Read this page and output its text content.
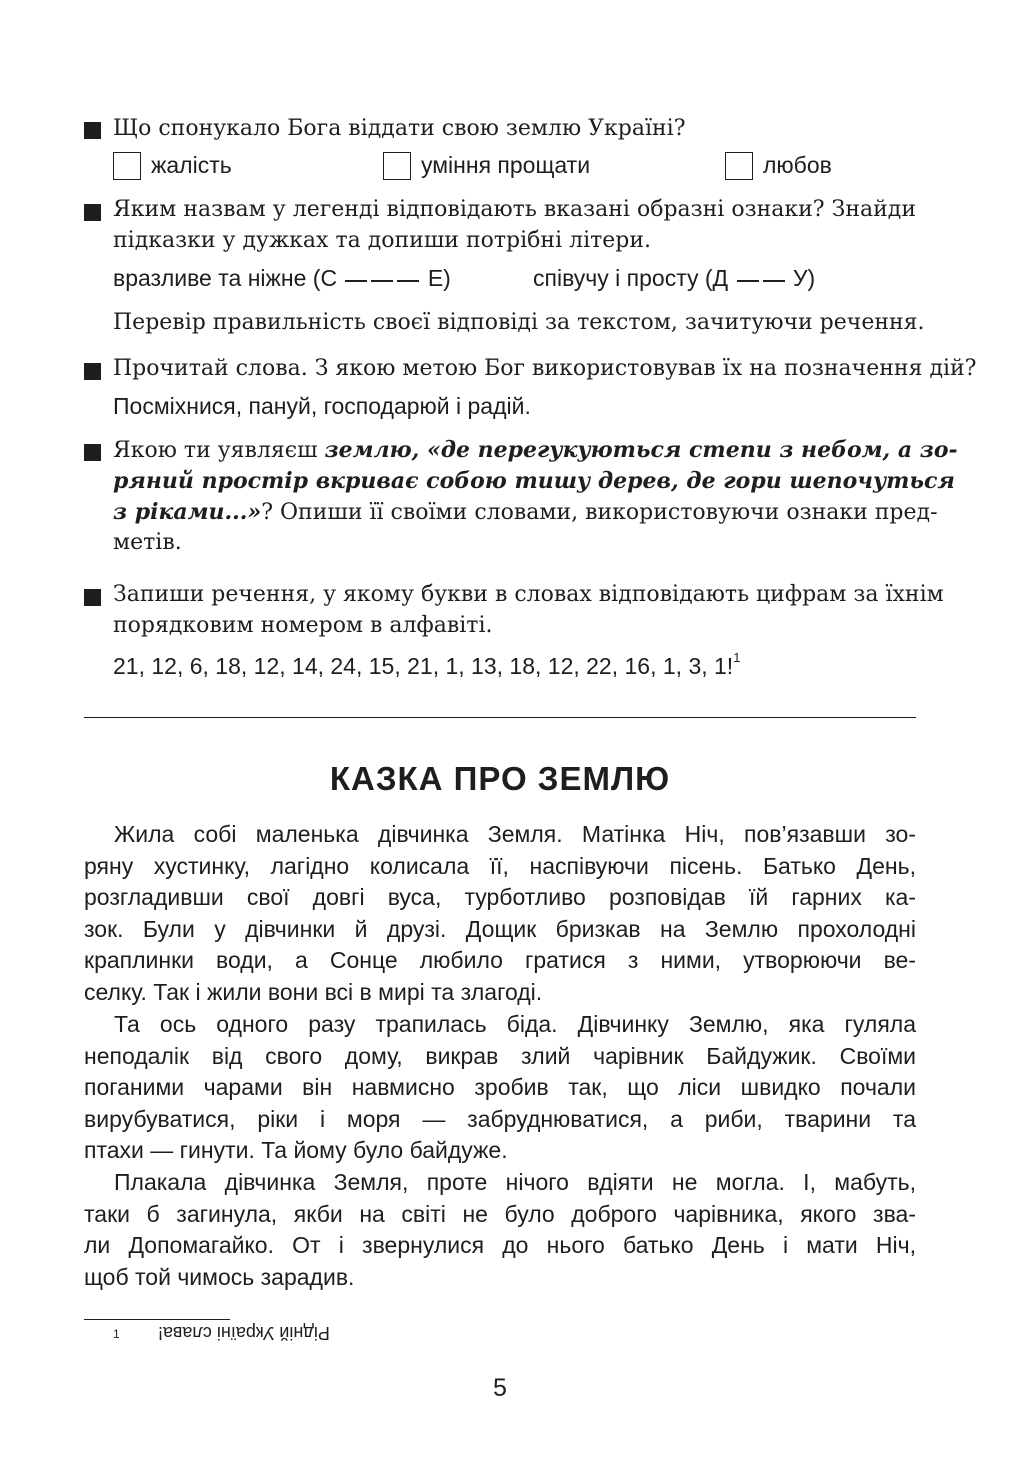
Що спонукало Бога віддати свою землю Україні?
жалість	уміння прощати	любов
Яким назвам у легенді відповідають вказані образні ознаки? Знайди
підказки у дужках та допиши потрібні літери.
вразливе та ніжне (С	Е)	співучу і просту (Д	У)
Перевір правильність своєї відповіді за текстом, зачитуючи речення.
Прочитай слова. З якою метою Бог використовував їх на позначення дій?
Посміхнися, пануй, господарюй і радій.
Якою ти уявляєш землю, «де перегукуються степи з небом, а зо-
ряний простір вкриває собою тишу дерев, де гори шепочуться
з ріками...»? Опиши її своїми словами, використовуючи ознаки пред-
метів.
Запиши речення, у якому букви в словах відповідають цифрам за їхнім
порядковим номером в алфавіті.
21, 12, 6, 18, 12, 14, 24, 15, 21, 1, 13, 18, 12, 22, 16, 1, 3, 1!$^1$
КАЗКА ПРО ЗЕМЛЮ
Жила собі маленька дівчинка Земля. Матінка Ніч, пов’язавши зо-
ряну хустинку, лагідно колисала її, наспівуючи пісень. Батько День,
розгладивши свої довгі вуса, турботливо розповідав їй гарних ка-
зок. Були у дівчинки й друзі. Дощик бризкав на Землю прохолодні
краплинки води, а Сонце любило гратися з ними, утворюючи ве-
селку. Так і жили вони всі в мирі та злагоді.
Та ось одного разу трапилась біда. Дівчинку Землю, яка гуляла
неподалік від свого дому, викрав злий чарівник Байдужик. Своїми
поганими чарами він навмисно зробив так, що ліси швидко почали
вирубуватися, ріки і моря — забруднюватися, а риби, тварини та
птахи — гинути. Та йому було байдуже.
Плакала дівчинка Земля, проте нічого вдіяти не могла. І, мабуть,
таки б загинула, якби на світі не було доброго чарівника, якого зва-
ли Допомагайко. От і звернулися до нього батько День і мати Ніч,
щоб той чимось зарадив.
1 Рідній Україні слава!
5
